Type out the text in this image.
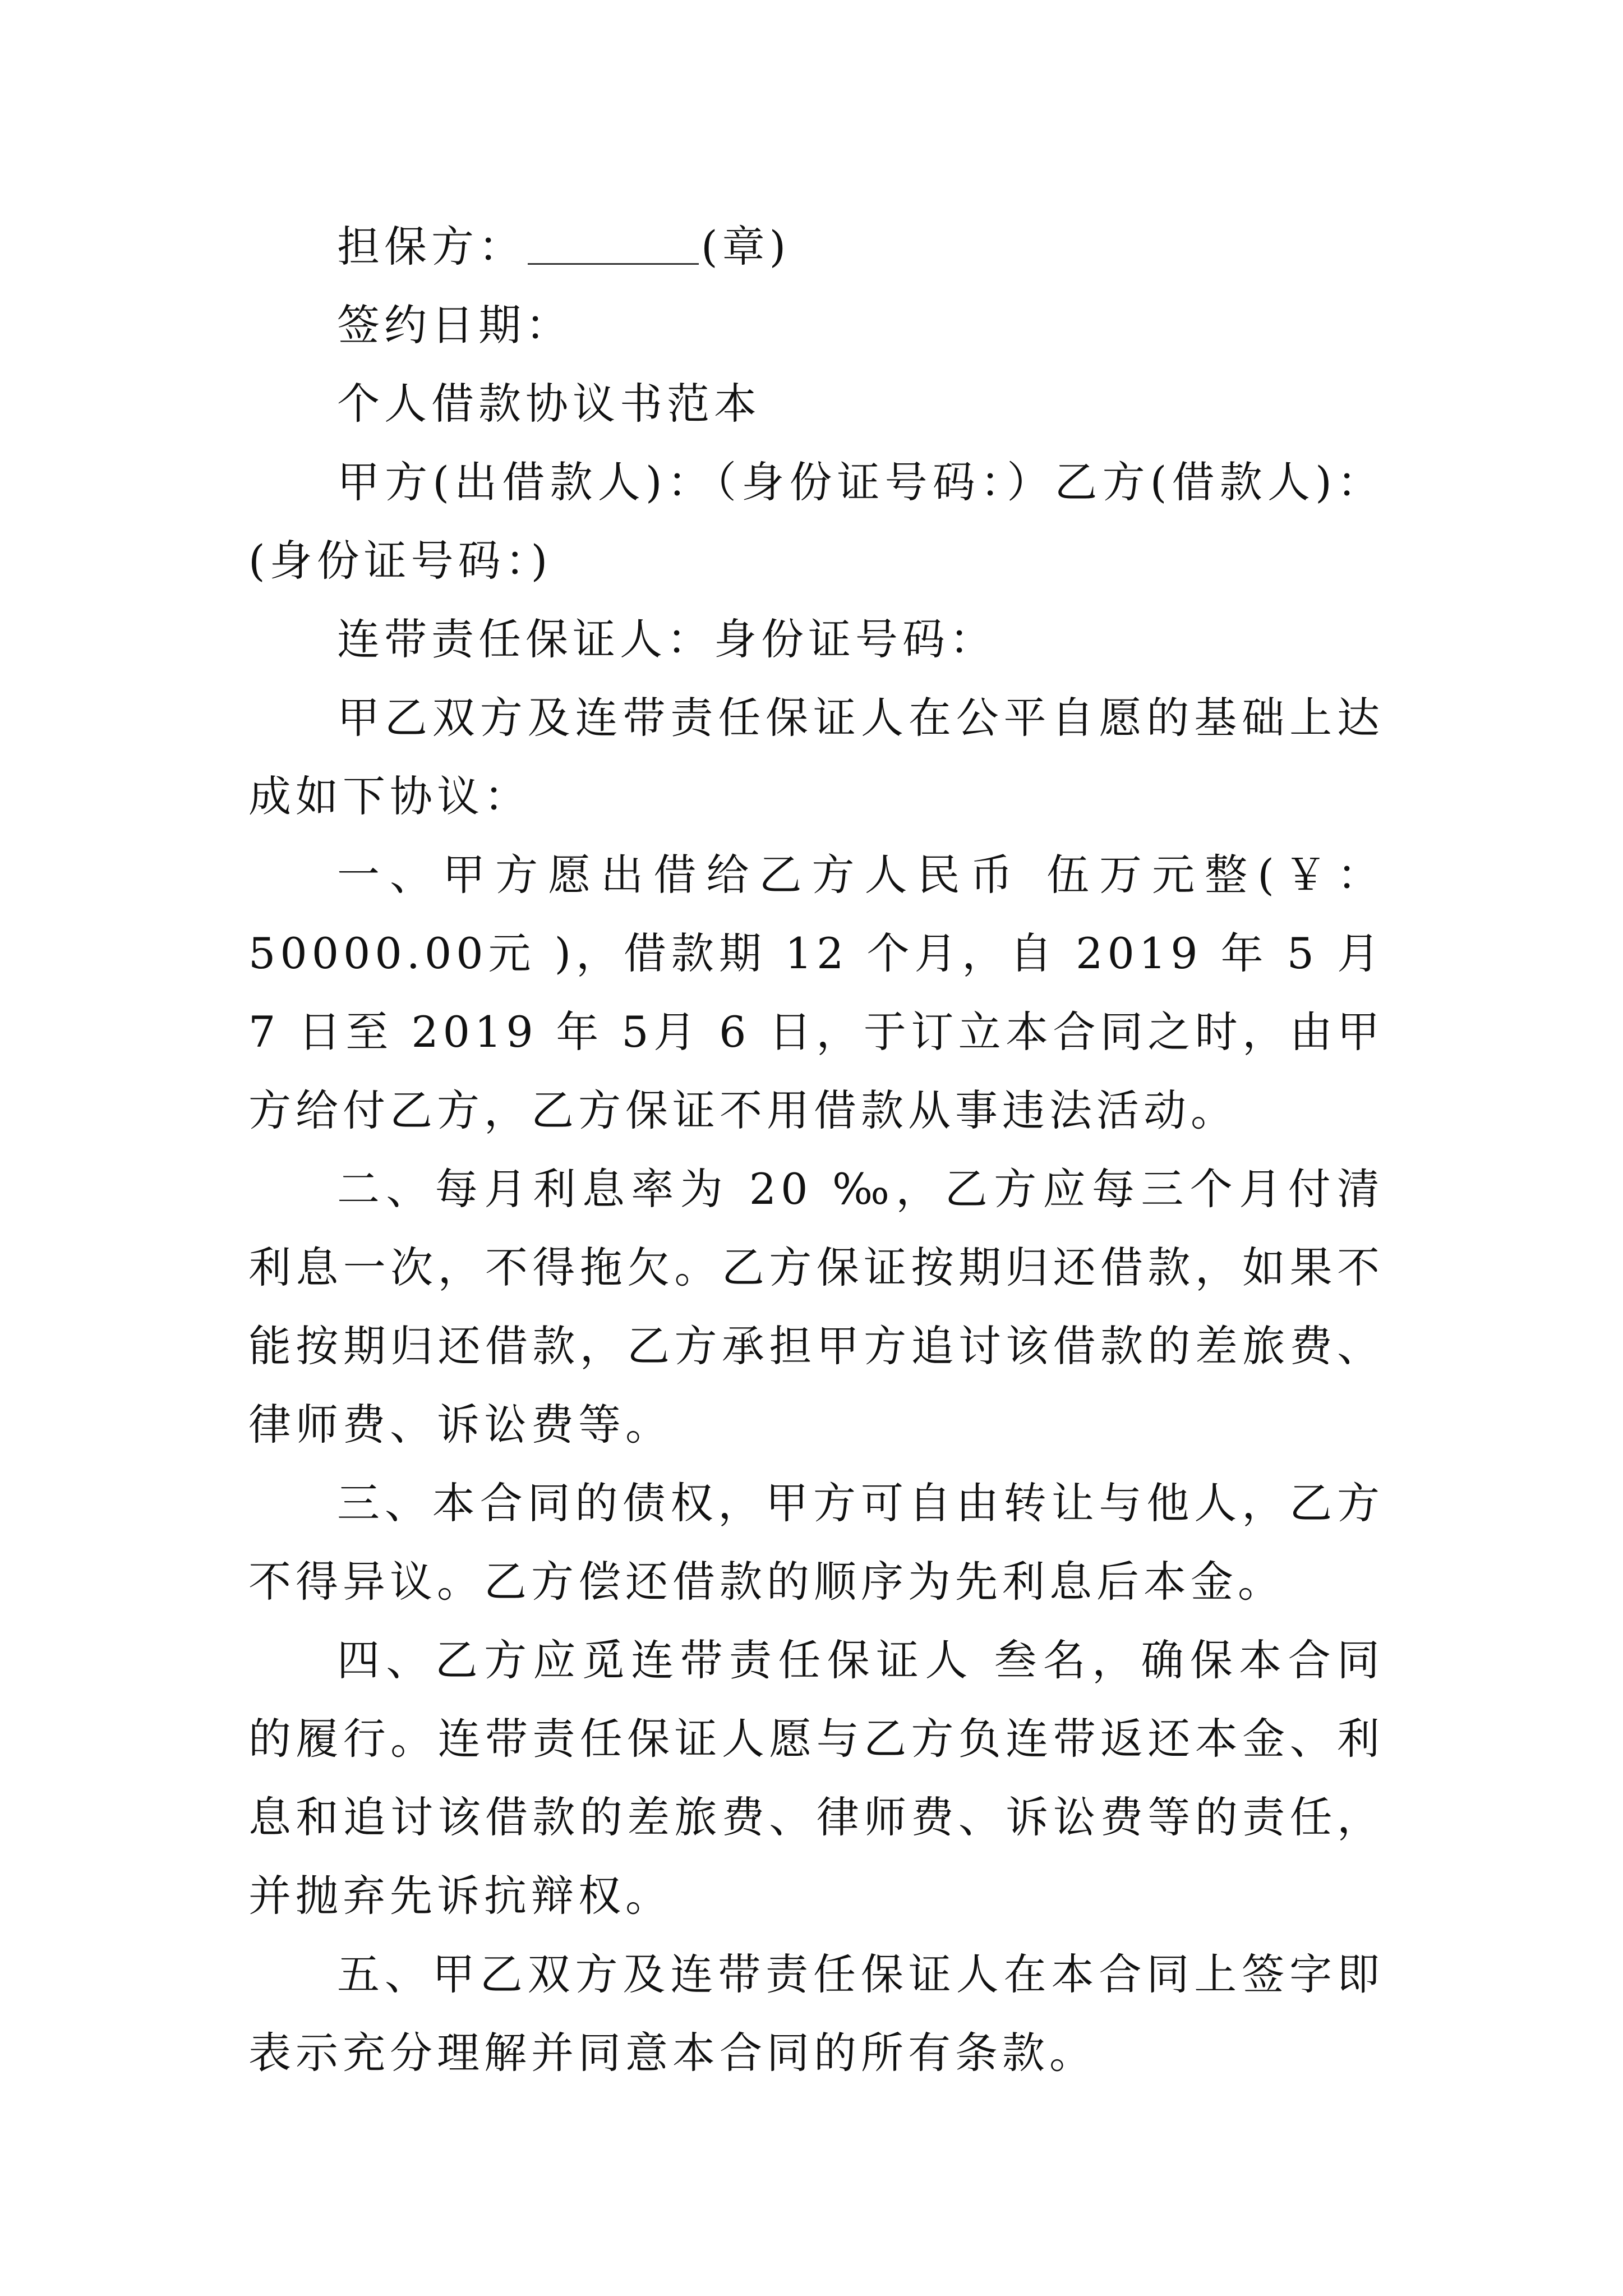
担保方：	(章)

签约日期：

个人借款协议书范本

甲方(出借款人)：（身份证号码：）乙方(借款人)：(身份证号码：)

连带责任保证人：身份证号码：

甲乙双方及连带责任保证人在公平自愿的基础上达成如下协议：

一、甲方愿出借给乙方人民币 伍万元整(￥：50000.00元 )，借款期 12 个月，自 2019 年 5 月 7 日至 2019 年 5月 6 日，于订立本合同之时，由甲方给付乙方，乙方保证不用借款从事违法活动。

二、每月利息率为 20 ‰，乙方应每三个月付清利息一次，不得拖欠。乙方保证按期归还借款，如果不能按期归还借款，乙方承担甲方追讨该借款的差旅费、律师费、诉讼费等。

三、本合同的债权，甲方可自由转让与他人，乙方不得异议。乙方偿还借款的顺序为先利息后本金。

四、乙方应觅连带责任保证人 叁名，确保本合同的履行。连带责任保证人愿与乙方负连带返还本金、利息和追讨该借款的差旅费、律师费、诉讼费等的责任，并抛弃先诉抗辩权。

五、甲乙双方及连带责任保证人在本合同上签字即表示充分理解并同意本合同的所有条款。
